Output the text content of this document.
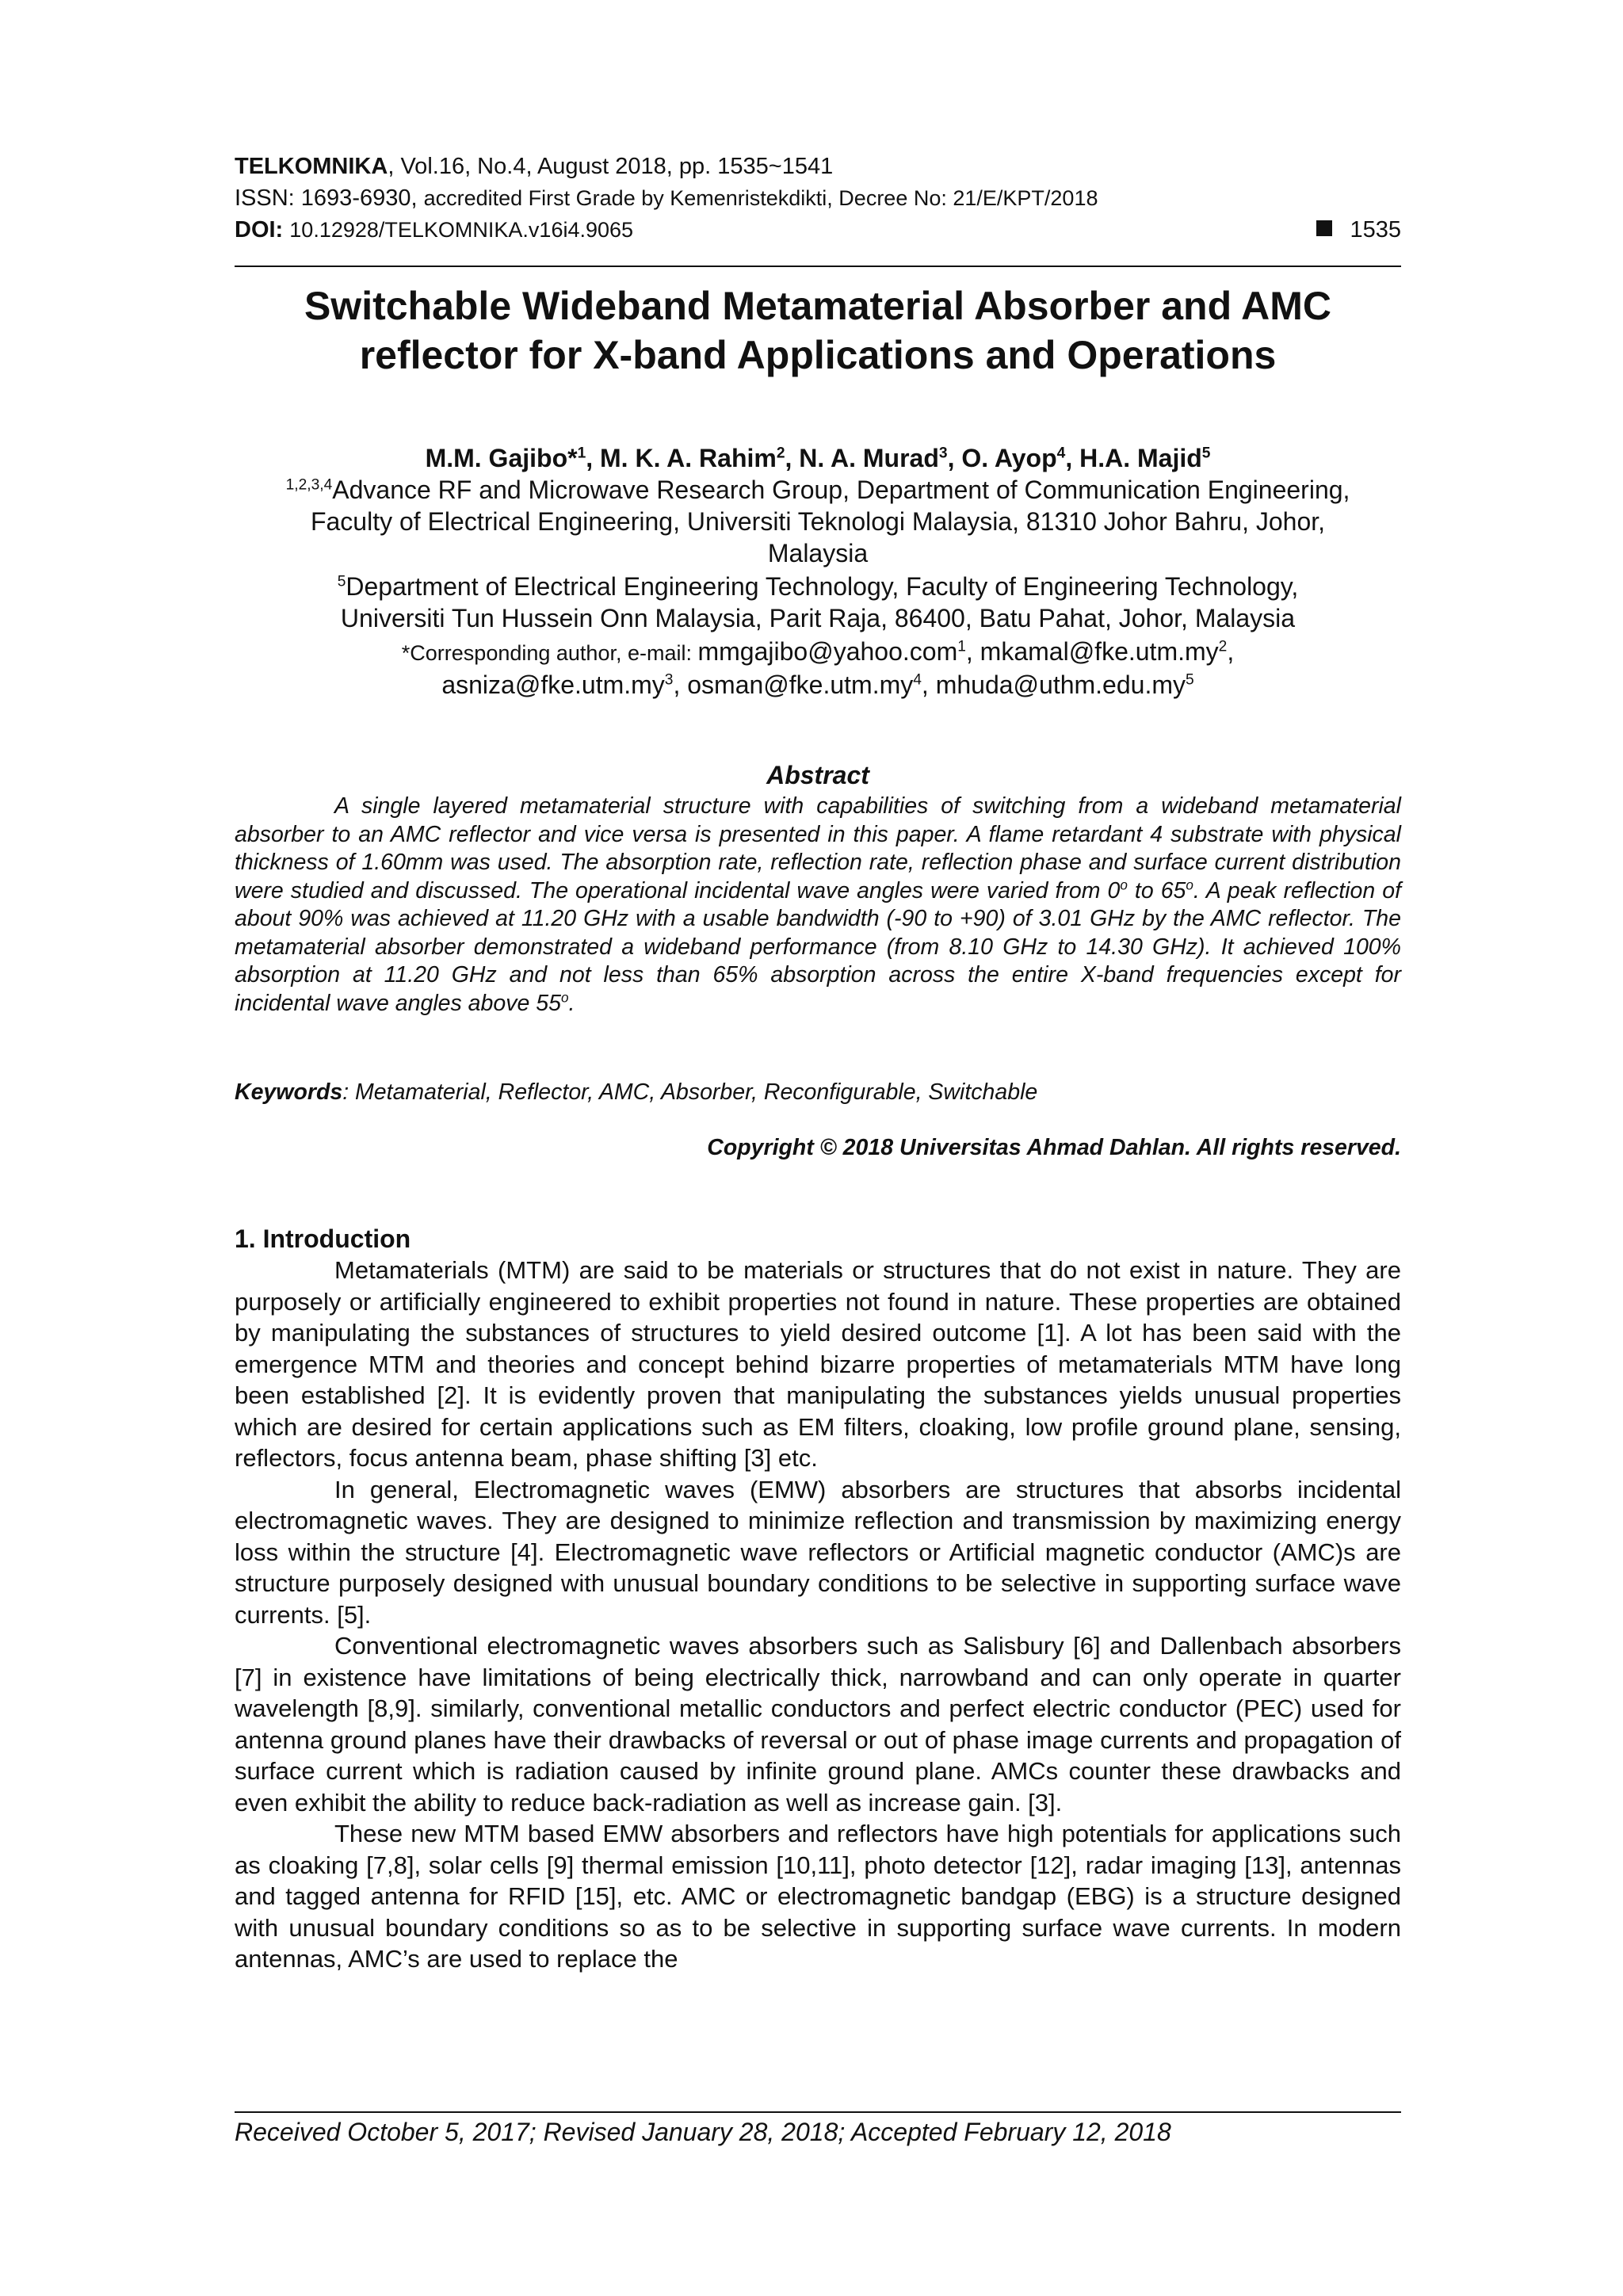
TELKOMNIKA, Vol.16, No.4, August 2018, pp. 1535~1541
ISSN: 1693-6930, accredited First Grade by Kemenristekdikti, Decree No: 21/E/KPT/2018
DOI: 10.12928/TELKOMNIKA.v16i4.9065	1535
Switchable Wideband Metamaterial Absorber and AMC
reflector for X-band Applications and Operations
M.M. Gajibo*$^1$, M. K. A. Rahim$^2$, N. A. Murad$^3$, O. Ayop$^4$, H.A. Majid$^5$
$^{1,2,3,4}$Advance RF and Microwave Research Group, Department of Communication Engineering,
Faculty of Electrical Engineering, Universiti Teknologi Malaysia, 81310 Johor Bahru, Johor,
Malaysia
$^5$Department of Electrical Engineering Technology, Faculty of Engineering Technology,
Universiti Tun Hussein Onn Malaysia, Parit Raja, 86400, Batu Pahat, Johor, Malaysia
*Corresponding author, e-mail: mmgajibo@yahoo.com$^1$, $mkamal@fke.utm.my^2$,
$asniza@fke.utm.my^3$, $osman@fke.utm.my^4$, $mhuda@uthm.edu.my^5$
Abstract

A single layered metamaterial structure with capabilities of switching from a wideband metamaterial absorber to an AMC reflector and vice versa is presented in this paper. A flame retardant 4 substrate with physical thickness of 1.60mm was used. The absorption rate, reflection rate, reflection phase and surface current distribution were studied and discussed. The operational incidental wave angles were varied from 0$^o$ to 65$^o$. A peak reflection of about 90% was achieved at 11.20 GHz with a usable bandwidth (-90 to +90) of 3.01 GHz by the AMC reflector. The metamaterial absorber demonstrated a wideband performance (from 8.10 GHz to 14.30 GHz). It achieved 100% absorption at 11.20 GHz and not less than 65% absorption across the entire X-band frequencies except for incidental wave angles above 55$^o$.

Keywords: Metamaterial, Reflector, AMC, Absorber, Reconfigurable, Switchable
Copyright © 2018 Universitas Ahmad Dahlan. All rights reserved.
1. Introduction

Metamaterials (MTM) are said to be materials or structures that do not exist in nature. They are purposely or artificially engineered to exhibit properties not found in nature. These properties are obtained by manipulating the substances of structures to yield desired outcome [1]. A lot has been said with the emergence MTM and theories and concept behind bizarre properties of metamaterials MTM have long been established [2]. It is evidently proven that manipulating the substances yields unusual properties which are desired for certain applications such as EM filters, cloaking, low profile ground plane, sensing, reflectors, focus antenna beam, phase shifting [3] etc.

In general, Electromagnetic waves (EMW) absorbers are structures that absorbs incidental electromagnetic waves. They are designed to minimize reflection and transmission by maximizing energy loss within the structure [4]. Electromagnetic wave reflectors or Artificial magnetic conductor (AMC)s are structure purposely designed with unusual boundary conditions to be selective in supporting surface wave currents. [5].

Conventional electromagnetic waves absorbers such as Salisbury [6] and Dallenbach absorbers [7] in existence have limitations of being electrically thick, narrowband and can only operate in quarter wavelength [8,9]. similarly, conventional metallic conductors and perfect electric conductor (PEC) used for antenna ground planes have their drawbacks of reversal or out of phase image currents and propagation of surface current which is radiation caused by infinite ground plane. AMCs counter these drawbacks and even exhibit the ability to reduce back-radiation as well as increase gain. [3].

These new MTM based EMW absorbers and reflectors have high potentials for applications such as cloaking [7,8], solar cells [9] thermal emission [10,11], photo detector [12], radar imaging [13], antennas and tagged antenna for RFID [15], etc. AMC or electromagnetic bandgap (EBG) is a structure designed with unusual boundary conditions so as to be selective in supporting surface wave currents. In modern antennas, AMC’s are used to replace the

Received October 5, 2017; Revised January 28, 2018; Accepted February 12, 2018
